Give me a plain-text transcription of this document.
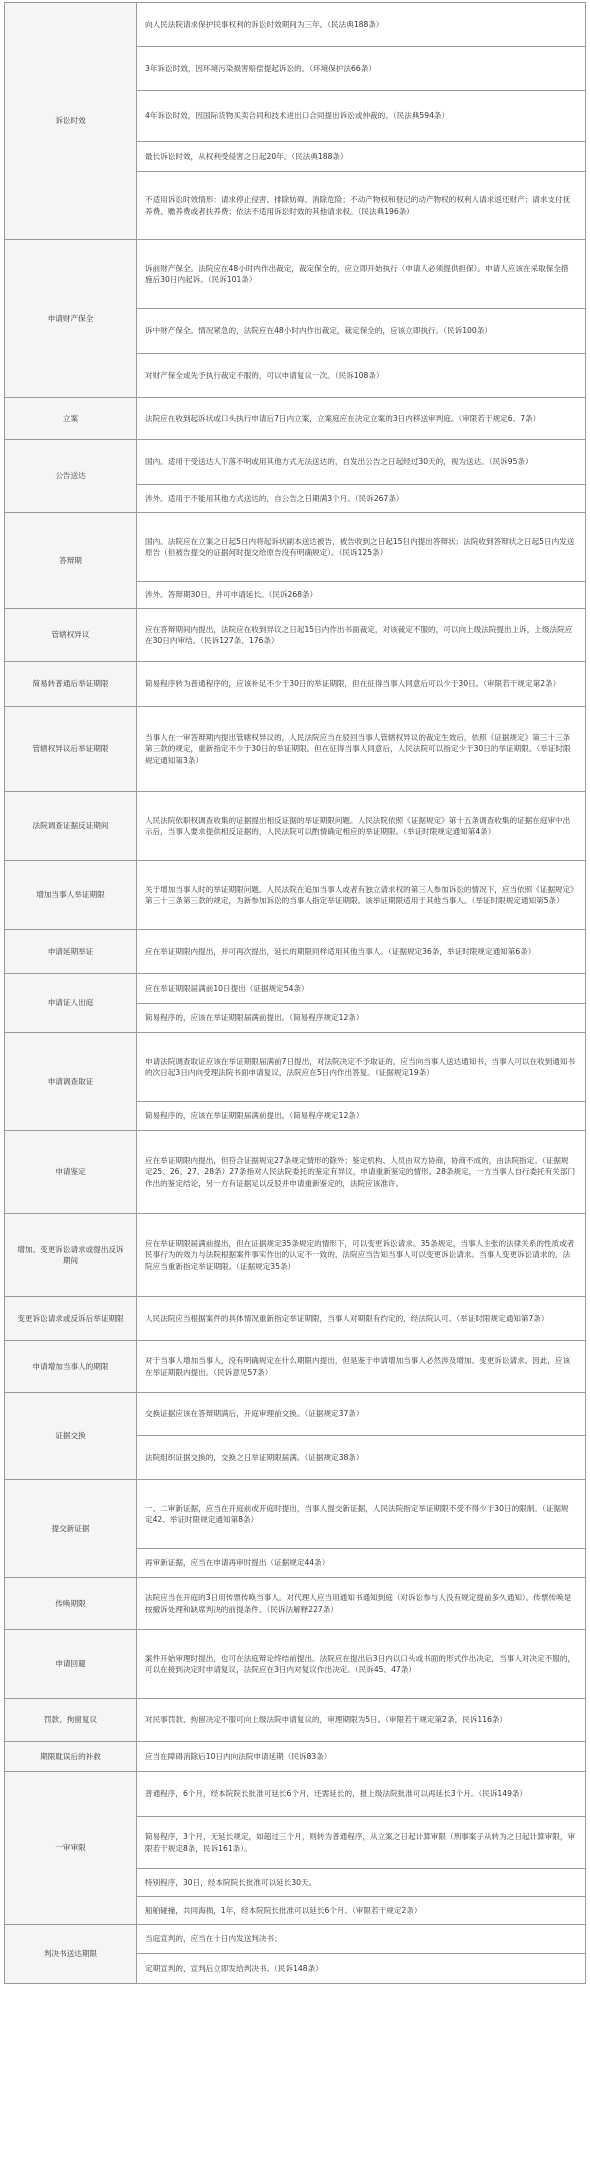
诉讼时效	向人民法院请求保护民事权利的诉讼时效期间为三年。（民法典188条）
	3年诉讼时效，因环境污染损害赔偿提起诉讼的。（环境保护法66条）
	4年诉讼时效，因国际货物买卖合同和技术进出口合同提出诉讼或仲裁的。（民法典594条）
	最长诉讼时效，从权利受侵害之日起20年。（民法典188条）
	不适用诉讼时效情形：请求停止侵害、排除妨碍、消除危险；不动产物权和登记的动产物权的权利人请求返还财产；请求支付抚养费、赡养费或者扶养费；依法不适用诉讼时效的其他请求权。（民法典196条）
申请财产保全	诉前财产保全。法院应在48小时内作出裁定，裁定保全的，应立即开始执行（申请人必须提供担保）。申请人应该在采取保全措施后30日内起诉。（民诉101条）
	诉中财产保全。情况紧急的，法院应在48小时内作出裁定，裁定保全的，应该立即执行。（民诉100条）
	对财产保全或先予执行裁定不服的，可以申请复议一次。（民诉108条）
立案	法院应在收到起诉状或口头执行申请后7日内立案，立案庭应在决定立案的3日内移送审判庭。（审限若干规定6、7条）
公告送达	国内。适用于受送达人下落不明或用其他方式无法送达的，自发出公告之日起经过30天的，视为送达。（民诉95条）
	涉外。适用于不能用其他方式送达的，自公告之日期满3个月。（民诉267条）
答辩期	国内。法院应在立案之日起5日内将起诉状副本送达被告，被告收到之日起15日内提出答辩状；法院收到答辩状之日起5日内发送原告（但被告提交的证据何时提交给原告没有明确规定）。（民诉125条）
	涉外。答辩期30日，并可申请延长。（民诉268条）
管辖权异议	应在答辩期间内提出，法院应在收到异议之日起15日内作出书面裁定，对该裁定不服的，可以向上级法院提出上诉，上级法院应在30日内审结。（民诉127条、176条）
简易转普通后举证期限	简易程序转为普通程序的，应该补足不少于30日的举证期限，但在征得当事人同意后可以少于30日。（审限若干规定第2条）
管辖权异议后举证期限	当事人在一审答辩期内提出管辖权异议的，人民法院应当在驳回当事人管辖权异议的裁定生效后，依照《证据规定》第三十三条第三款的规定，重新指定不少于30日的举证期限。但在征得当事人同意后，人民法院可以指定少于30日的举证期限。（举证时限规定通知第3条）
法院调查证据反证期间	人民法院依职权调查收集的证据提出相反证据的举证期限问题。人民法院依照《证据规定》第十五条调查收集的证据在庭审中出示后，当事人要求提供相反证据的，人民法院可以酌情确定相应的举证期限。（举证时限规定通知第4条）
增加当事人举证期限	关于增加当事人时的举证期限问题。人民法院在追加当事人或者有独立请求权的第三人参加诉讼的情况下，应当依照《证据规定》第三十三条第三款的规定，为新参加诉讼的当事人指定举证期限。该举证期限适用于其他当事人。（举证时限规定通知第5条）
申请延期举证	应在举证期限内提出，并可再次提出，延长的期限同样适用其他当事人。（证据规定36条，举证时限规定通知第6条）
申请证人出庭	应在举证期限届满前10日提出（证据规定54条）
	简易程序的，应该在举证期限届满前提出。（简易程序规定12条）
申请调查取证	申请法院调查取证应该在举证期限届满前7日提出，对法院决定不予取证的，应当向当事人送达通知书，当事人可以在收到通知书的次日起3日内向受理法院书面申请复议，法院应在5日内作出答复。（证据规定19条）
	简易程序的，应该在举证期限届满前提出。（简易程序规定12条）
申请鉴定	应在举证期限内提出，但符合证据规定27条规定情形的除外；鉴定机构、人员由双方协商，协商不成的，由法院指定。（证据规定25、26、27、28条）27条指对人民法院委托的鉴定有异议，申请重新鉴定的情形。28条规定，一方当事人自行委托有关部门作出的鉴定结论，另一方有证据足以反驳并申请重新鉴定的，法院应该准许。
增加、变更诉讼请求或提出反诉期间	应在举证期限届满前提出，但在证据规定35条规定的情形下，可以变更诉讼请求。35条规定，当事人主张的法律关系的性质或者民事行为的效力与法院根据案件事实作出的认定不一致的，法院应当告知当事人可以变更诉讼请求。当事人变更诉讼请求的，法院应当重新指定举证期限。（证据规定35条）
变更诉讼请求或反诉后举证期限	人民法院应当根据案件的具体情况重新指定举证期限，当事人对期限有约定的，经法院认可。（举证时限规定通知第7条）
申请增加当事人的期限	对于当事人增加当事人，没有明确规定在什么期限内提出，但是鉴于申请增加当事人必然涉及增加、变更诉讼请求。因此，应该在举证期限内提出。（民诉意见57条）
证据交换	交换证据应该在答辩期满后，开庭审理前交换。（证据规定37条）
	法院组织证据交换的，交换之日举证期限届满。（证据规定38条）
提交新证据	一、二审新证据，应当在开庭前或开庭时提出，当事人提交新证据，人民法院指定举证期限不受不得少于30日的限制。（证据规定42、举证时限规定通知第8条）
	再审新证据，应当在申请再审时提出（证据规定44条）
传唤期限	法院应当在开庭的3日用传票传唤当事人。对代理人应当用通知书通知到庭（对诉讼参与人没有规定提前多久通知）。传票传唤是按撤诉处理和缺席判决的前提条件。（民诉法解释227条）
申请回避	案件开始审理时提出，也可在法庭辩论终结前提出。法院应在提出后3日内以口头或书面的形式作出决定，当事人对决定不服的，可以在接到决定时申请复议，法院应在3日内对复议作出决定。（民诉45、47条）
罚款、拘留复议	对民事罚款、拘留决定不服可向上级法院申请复议的，审理期限为5日。（审限若干规定第2条，民诉116条）
期限耽误后的补救	应当在障碍消除后10日内向法院申请延期（民诉83条）
一审审限	普通程序，6个月，经本院院长批准可延长6个月，还需延长的，报上级法院批准可以再延长3个月。（民诉149条）
	简易程序，3个月，无延长规定，如超过三个月，则转为普通程序，从立案之日起计算审限（刑事案子从转为之日起计算审限，审限若干规定8条，民诉161条）。
	特别程序，30日，经本院院长批准可以延长30天。
	船舶碰撞，共同海损，1年，经本院院长批准可以延长6个月。（审限若干规定2条）
判决书送达期限	当庭宣判的，应当在十日内发送判决书；
	定期宣判的，宣判后立即发给判决书。（民诉148条）
